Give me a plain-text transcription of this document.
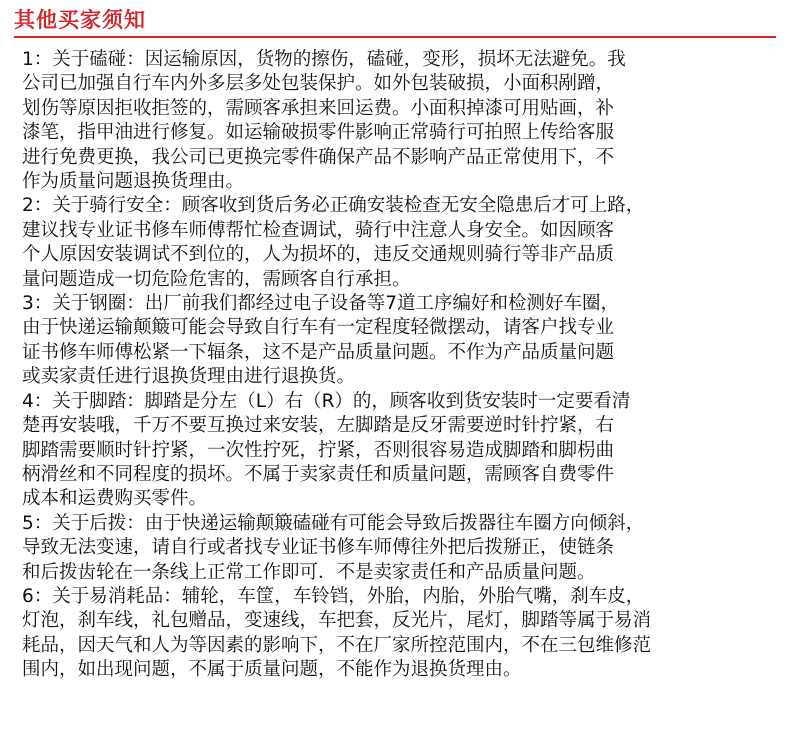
其他买家须知

1：关于磕碰：因运输原因，货物的擦伤，磕碰，变形，损坏无法避免。我
公司已加强自行车内外多层多处包装保护。如外包装破损，小面积剐蹭，
划伤等原因拒收拒签的，需顾客承担来回运费。小面积掉漆可用贴画，补
漆笔，指甲油进行修复。如运输破损零件影响正常骑行可拍照上传给客服
进行免费更换，我公司已更换完零件确保产品不影响产品正常使用下，不
作为质量问题退换货理由。

2：关于骑行安全：顾客收到货后务必正确安装检查无安全隐患后才可上路，
建议找专业证书修车师傅帮忙检查调试，骑行中注意人身安全。如因顾客
个人原因安装调试不到位的，人为损坏的，违反交通规则骑行等非产品质
量问题造成一切危险危害的，需顾客自行承担。

3：关于钢圈：出厂前我们都经过电子设备等7道工序编好和检测好车圈，
由于快递运输颠簸可能会导致自行车有一定程度轻微摆动，请客户找专业
证书修车师傅松紧一下辐条，这不是产品质量问题。不作为产品质量问题
或卖家责任进行退换货理由进行退换货。

4：关于脚踏：脚踏是分左（L）右（R）的，顾客收到货安装时一定要看清
楚再安装哦，千万不要互换过来安装，左脚踏是反牙需要逆时针拧紧，右
脚踏需要顺时针拧紧，一次性拧死，拧紧，否则很容易造成脚踏和脚枴曲
柄滑丝和不同程度的损坏。不属于卖家责任和质量问题，需顾客自费零件
成本和运费购买零件。

5：关于后拨：由于快递运输颠簸磕碰有可能会导致后拨器往车圈方向倾斜，
导致无法变速，请自行或者找专业证书修车师傅往外把后拨掰正，使链条
和后拨齿轮在一条线上正常工作即可．不是卖家责任和产品质量问题。

6：关于易消耗品：辅轮，车筐，车铃铛，外胎，内胎，外胎气嘴，刹车皮，
灯泡，刹车线，礼包赠品，变速线，车把套，反光片，尾灯，脚踏等属于易消
耗品，因天气和人为等因素的影响下，不在厂家所控范围内，不在三包维修范
围内，如出现问题，不属于质量问题，不能作为退换货理由。
